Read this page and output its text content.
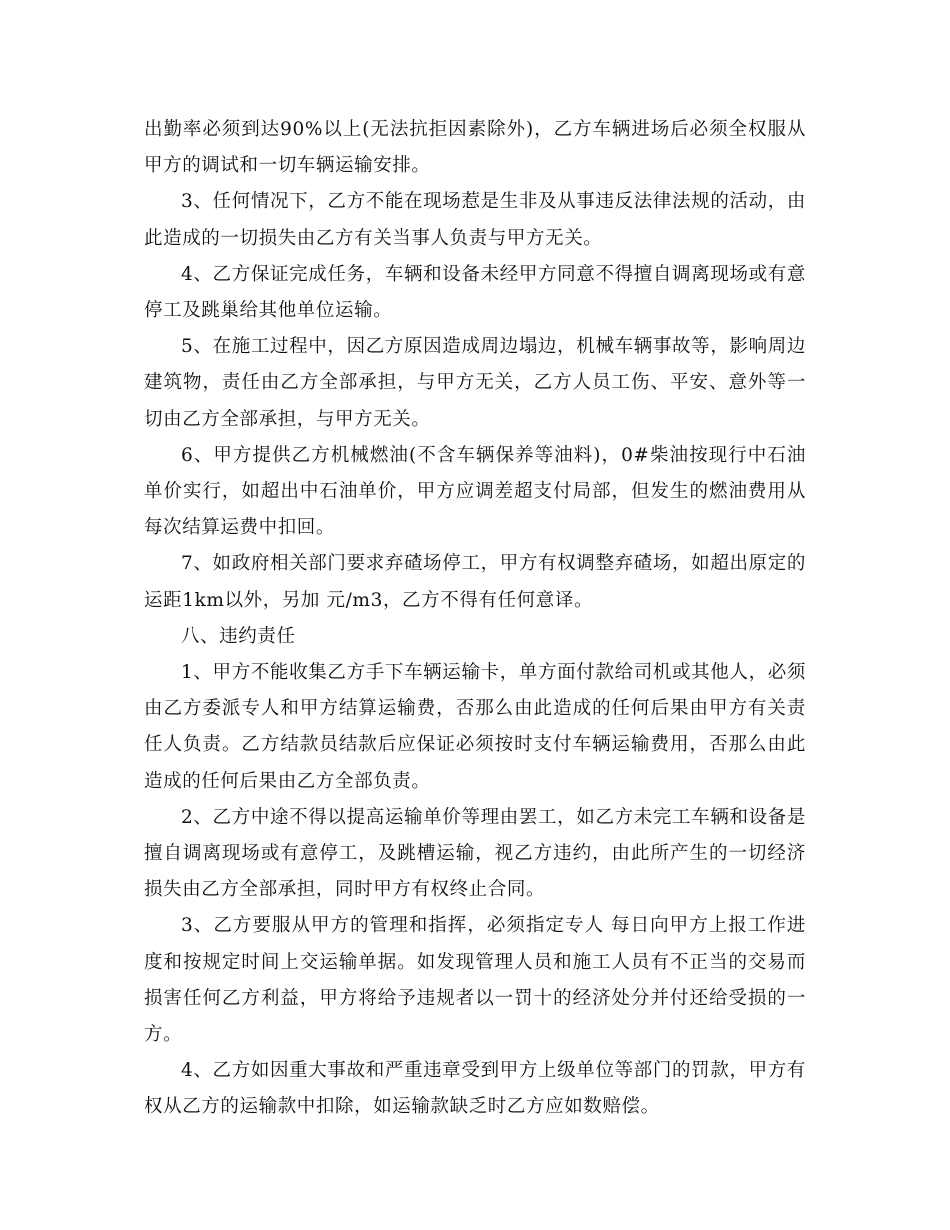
出勤率必须到达90%以上(无法抗拒因素除外)，乙方车辆进场后必须全权服从甲方的调试和一切车辆运输安排。

3、任何情况下，乙方不能在现场惹是生非及从事违反法律法规的活动，由此造成的一切损失由乙方有关当事人负责与甲方无关。

4、乙方保证完成任务，车辆和设备未经甲方同意不得擅自调离现场或有意停工及跳巢给其他单位运输。

5、在施工过程中，因乙方原因造成周边塌边，机械车辆事故等，影响周边建筑物，责任由乙方全部承担，与甲方无关，乙方人员工伤、平安、意外等一切由乙方全部承担，与甲方无关。

6、甲方提供乙方机械燃油(不含车辆保养等油料)，0#柴油按现行中石油单价实行，如超出中石油单价，甲方应调差超支付局部，但发生的燃油费用从每次结算运费中扣回。

7、如政府相关部门要求弃碴场停工，甲方有权调整弃碴场，如超出原定的运距1km以外，另加 元/m3，乙方不得有任何意译。

八、违约责任

1、甲方不能收集乙方手下车辆运输卡，单方面付款给司机或其他人，必须由乙方委派专人和甲方结算运输费，否那么由此造成的任何后果由甲方有关责任人负责。乙方结款员结款后应保证必须按时支付车辆运输费用，否那么由此造成的任何后果由乙方全部负责。

2、乙方中途不得以提高运输单价等理由罢工，如乙方未完工车辆和设备是擅自调离现场或有意停工，及跳槽运输，视乙方违约，由此所产生的一切经济损失由乙方全部承担，同时甲方有权终止合同。

3、乙方要服从甲方的管理和指挥，必须指定专人 每日向甲方上报工作进度和按规定时间上交运输单据。如发现管理人员和施工人员有不正当的交易而损害任何乙方利益，甲方将给予违规者以一罚十的经济处分并付还给受损的一方。

4、乙方如因重大事故和严重违章受到甲方上级单位等部门的罚款，甲方有权从乙方的运输款中扣除，如运输款缺乏时乙方应如数赔偿。
